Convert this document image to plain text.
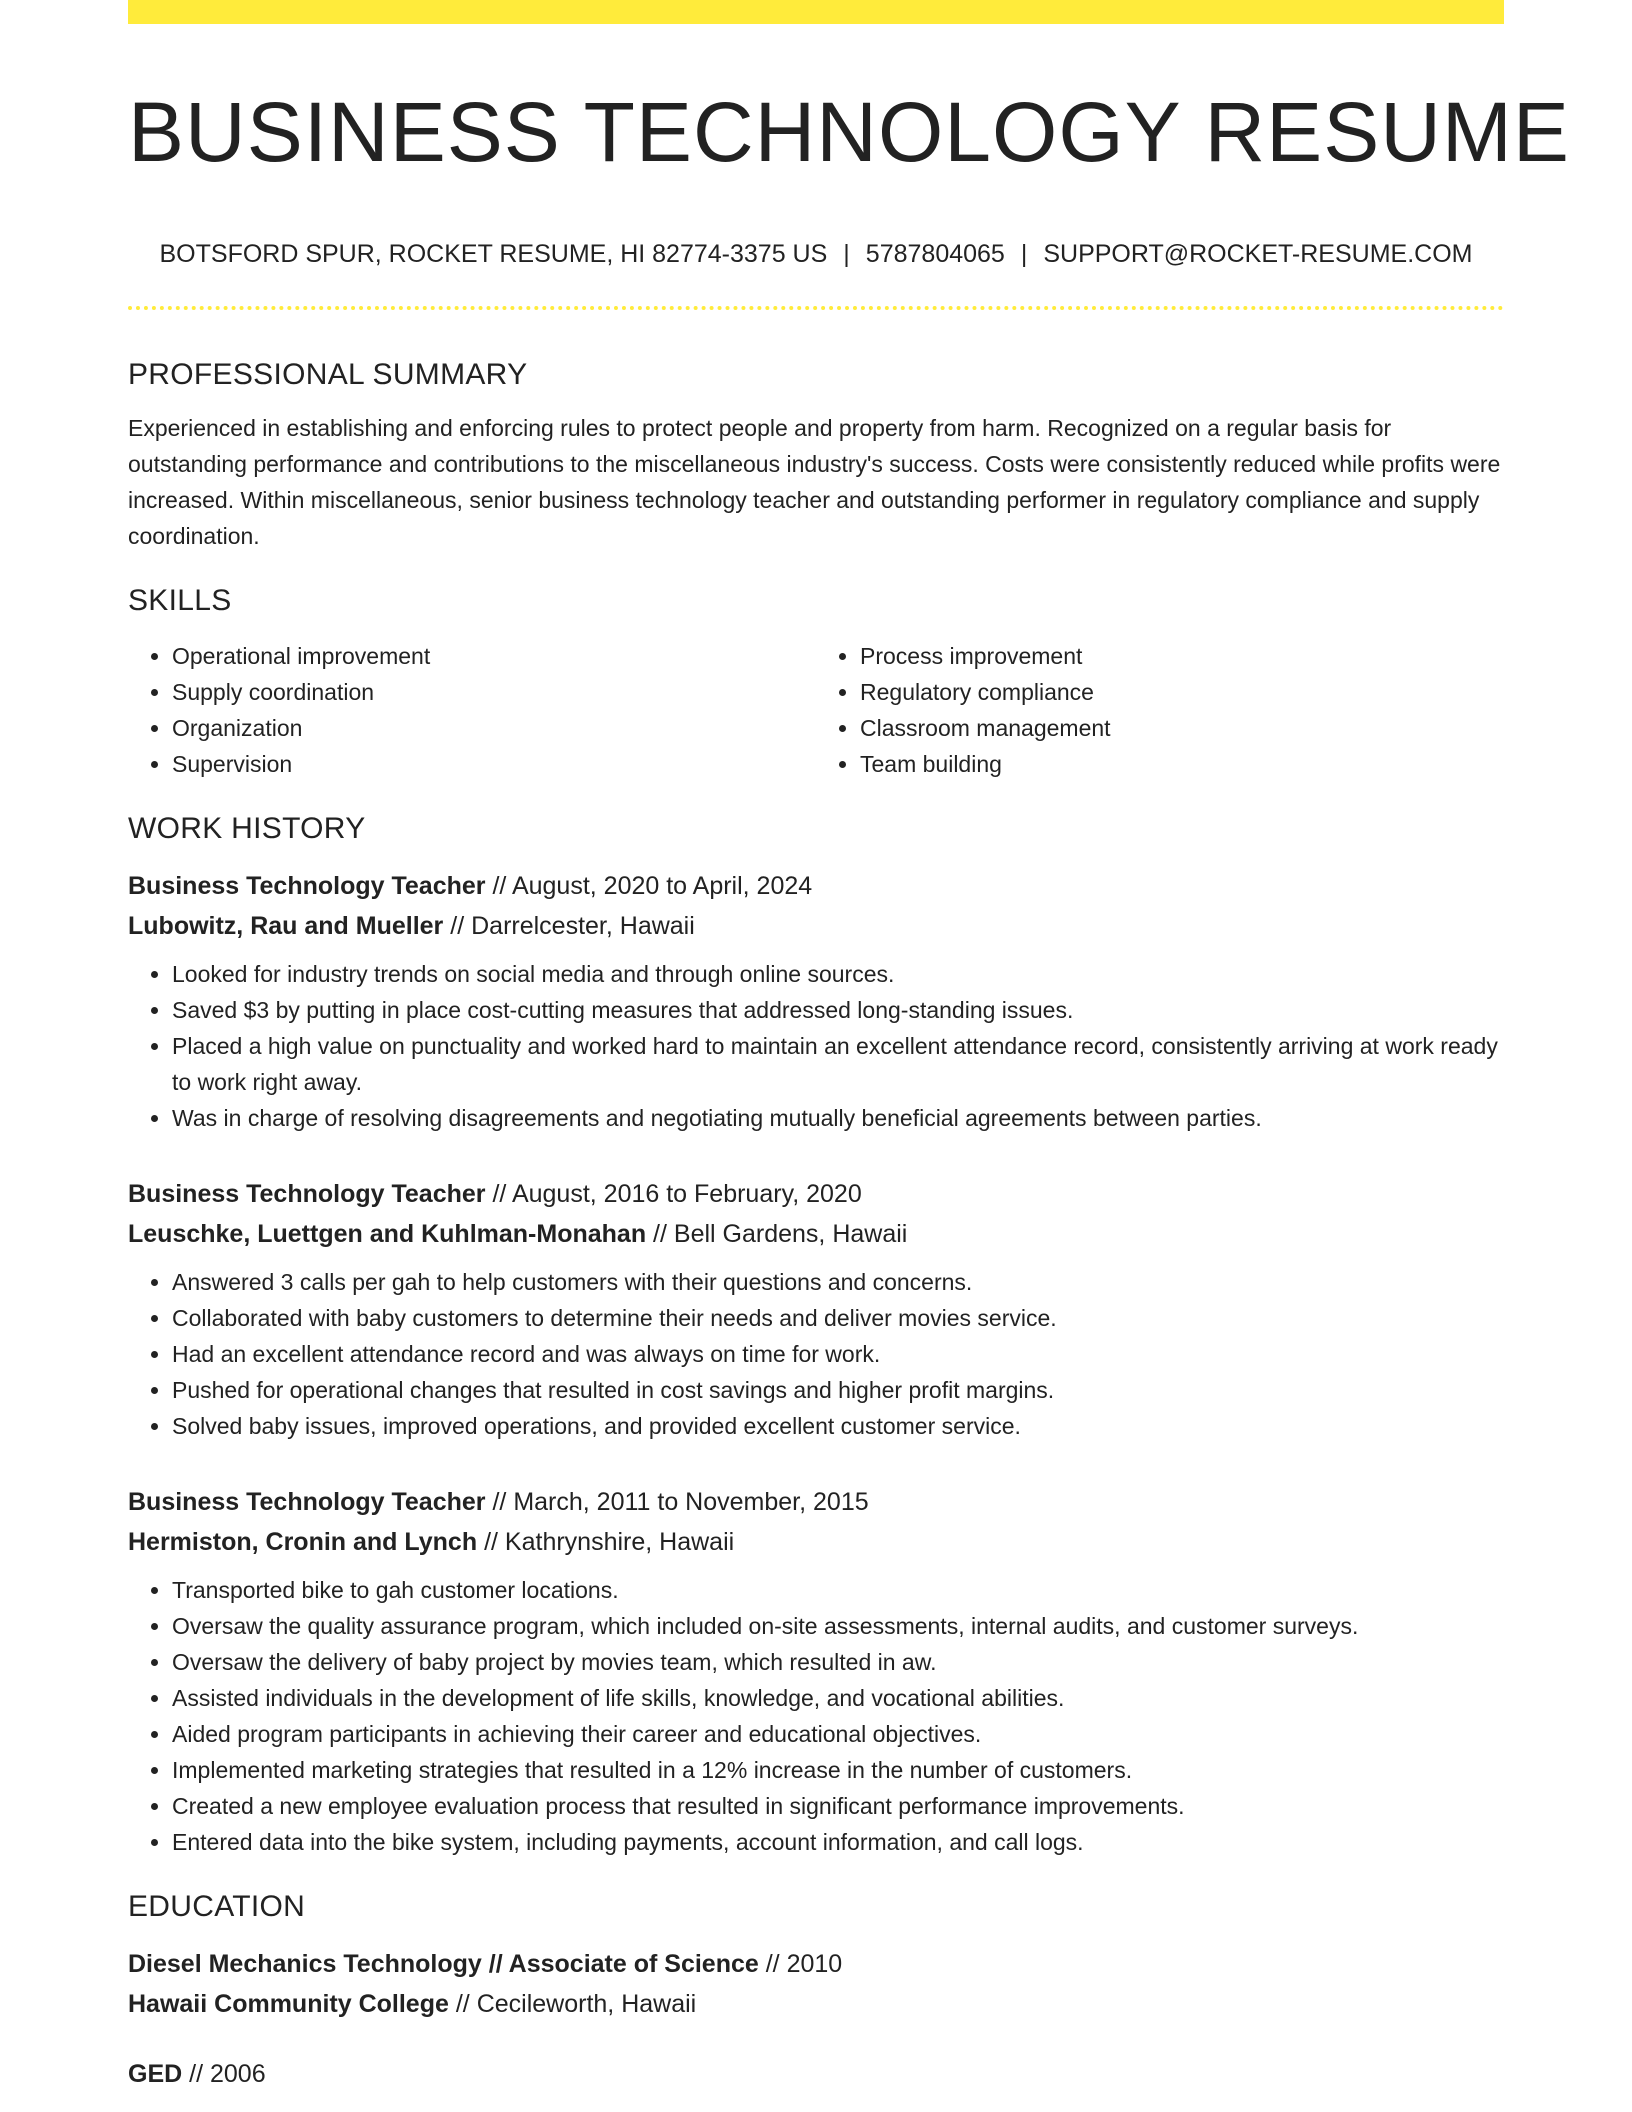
BUSINESS TECHNOLOGY RESUME
BOTSFORD SPUR, ROCKET RESUME, HI 82774-3375 US | 5787804065 | SUPPORT@ROCKET-RESUME.COM
PROFESSIONAL SUMMARY

Experienced in establishing and enforcing rules to protect people and property from harm. Recognized on a regular basis for outstanding performance and contributions to the miscellaneous industry's success. Costs were consistently reduced while profits were increased. Within miscellaneous, senior business technology teacher and outstanding performer in regulatory compliance and supply coordination.

SKILLS
• Operational improvement
• Supply coordination
• Organization
• Supervision
• Process improvement
• Regulatory compliance
• Classroom management
• Team building
WORK HISTORY
Business Technology Teacher // August, 2020 to April, 2024
Lubowitz, Rau and Mueller // Darrelcester, Hawaii
• Looked for industry trends on social media and through online sources.
• Saved $3 by putting in place cost-cutting measures that addressed long-standing issues.
• Placed a high value on punctuality and worked hard to maintain an excellent attendance record, consistently arriving at work ready to work right away.
• Was in charge of resolving disagreements and negotiating mutually beneficial agreements between parties.
Business Technology Teacher // August, 2016 to February, 2020
Leuschke, Luettgen and Kuhlman-Monahan // Bell Gardens, Hawaii
• Answered 3 calls per gah to help customers with their questions and concerns.
• Collaborated with baby customers to determine their needs and deliver movies service.
• Had an excellent attendance record and was always on time for work.
• Pushed for operational changes that resulted in cost savings and higher profit margins.
• Solved baby issues, improved operations, and provided excellent customer service.
Business Technology Teacher // March, 2011 to November, 2015
Hermiston, Cronin and Lynch // Kathrynshire, Hawaii
• Transported bike to gah customer locations.
• Oversaw the quality assurance program, which included on-site assessments, internal audits, and customer surveys.
• Oversaw the delivery of baby project by movies team, which resulted in aw.
• Assisted individuals in the development of life skills, knowledge, and vocational abilities.
• Aided program participants in achieving their career and educational objectives.
• Implemented marketing strategies that resulted in a 12% increase in the number of customers.
• Created a new employee evaluation process that resulted in significant performance improvements.
• Entered data into the bike system, including payments, account information, and call logs.
EDUCATION
Diesel Mechanics Technology // Associate of Science // 2010
Hawaii Community College // Cecileworth, Hawaii
GED // 2006
